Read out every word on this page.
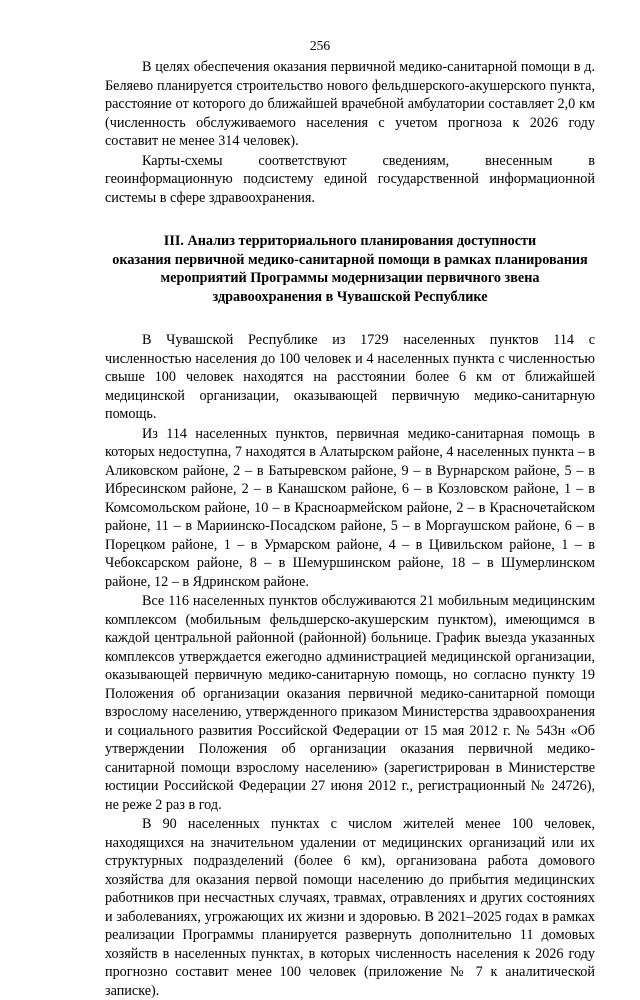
256

В целях обеспечения оказания первичной медико-санитарной помощи в д. Беляево планируется строительство нового фельдшерского-акушерского пункта, расстояние от которого до ближайшей врачебной амбулатории составляет 2,0 км (численность обслуживаемого населения с учетом прогноза к 2026 году составит не менее 314 человек).

Карты-схемы соответствуют сведениям, внесенным в геоинформационную подсистему единой государственной информационной системы в сфере здравоохранения.

III. Анализ территориального планирования доступности
оказания первичной медико-санитарной помощи в рамках планирования
мероприятий Программы модернизации первичного звена
здравоохранения в Чувашской Республике

В Чувашской Республике из 1729 населенных пунктов 114 с численностью населения до 100 человек и 4 населенных пункта с численностью свыше 100 человек находятся на расстоянии более 6 км от ближайшей медицинской организации, оказывающей первичную медико-санитарную помощь.

Из 114 населенных пунктов, первичная медико-санитарная помощь в которых недоступна, 7 находятся в Алатырском районе, 4 населенных пункта – в Аликовском районе, 2 – в Батыревском районе, 9 – в Вурнарском районе, 5 – в Ибресинском районе, 2 – в Канашском районе, 6 – в Козловском районе, 1 – в Комсомольском районе, 10 – в Красноармейском районе, 2 – в Красночетайском районе, 11 – в Мариинско-Посадском районе, 5 – в Моргаушском районе, 6 – в Порецком районе, 1 – в Урмарском районе, 4 – в Цивильском районе, 1 – в Чебоксарском районе, 8 – в Шемуршинском районе, 18 – в Шумерлинском районе, 12 – в Ядринском районе.

Все 116 населенных пунктов обслуживаются 21 мобильным медицинским комплексом (мобильным фельдшерско-акушерским пунктом), имеющимся в каждой центральной районной (районной) больнице. График выезда указанных комплексов утверждается ежегодно администрацией медицинской организации, оказывающей первичную медико-санитарную помощь, но согласно пункту 19 Положения об организации оказания первичной медико-санитарной помощи взрослому населению, утвержденного приказом Министерства здравоохранения и социального развития Российской Федерации от 15 мая 2012 г. № 543н «Об утверждении Положения об организации оказания первичной медико-санитарной помощи взрослому населению» (зарегистрирован в Министерстве юстиции Российской Федерации 27 июня 2012 г., регистрационный № 24726), не реже 2 раз в год.

В 90 населенных пунктах с числом жителей менее 100 человек, находящихся на значительном удалении от медицинских организаций или их структурных подразделений (более 6 км), организована работа домового хозяйства для оказания первой помощи населению до прибытия медицинских работников при несчастных случаях, травмах, отравлениях и других состояниях и заболеваниях, угрожающих их жизни и здоровью. В 2021–2025 годах в рамках реализации Программы планируется развернуть дополнительно 11 домовых хозяйств в населенных пунктах, в которых численность населения к 2026 году прогнозно составит менее 100 человек (приложение № 7 к аналитической записке).
